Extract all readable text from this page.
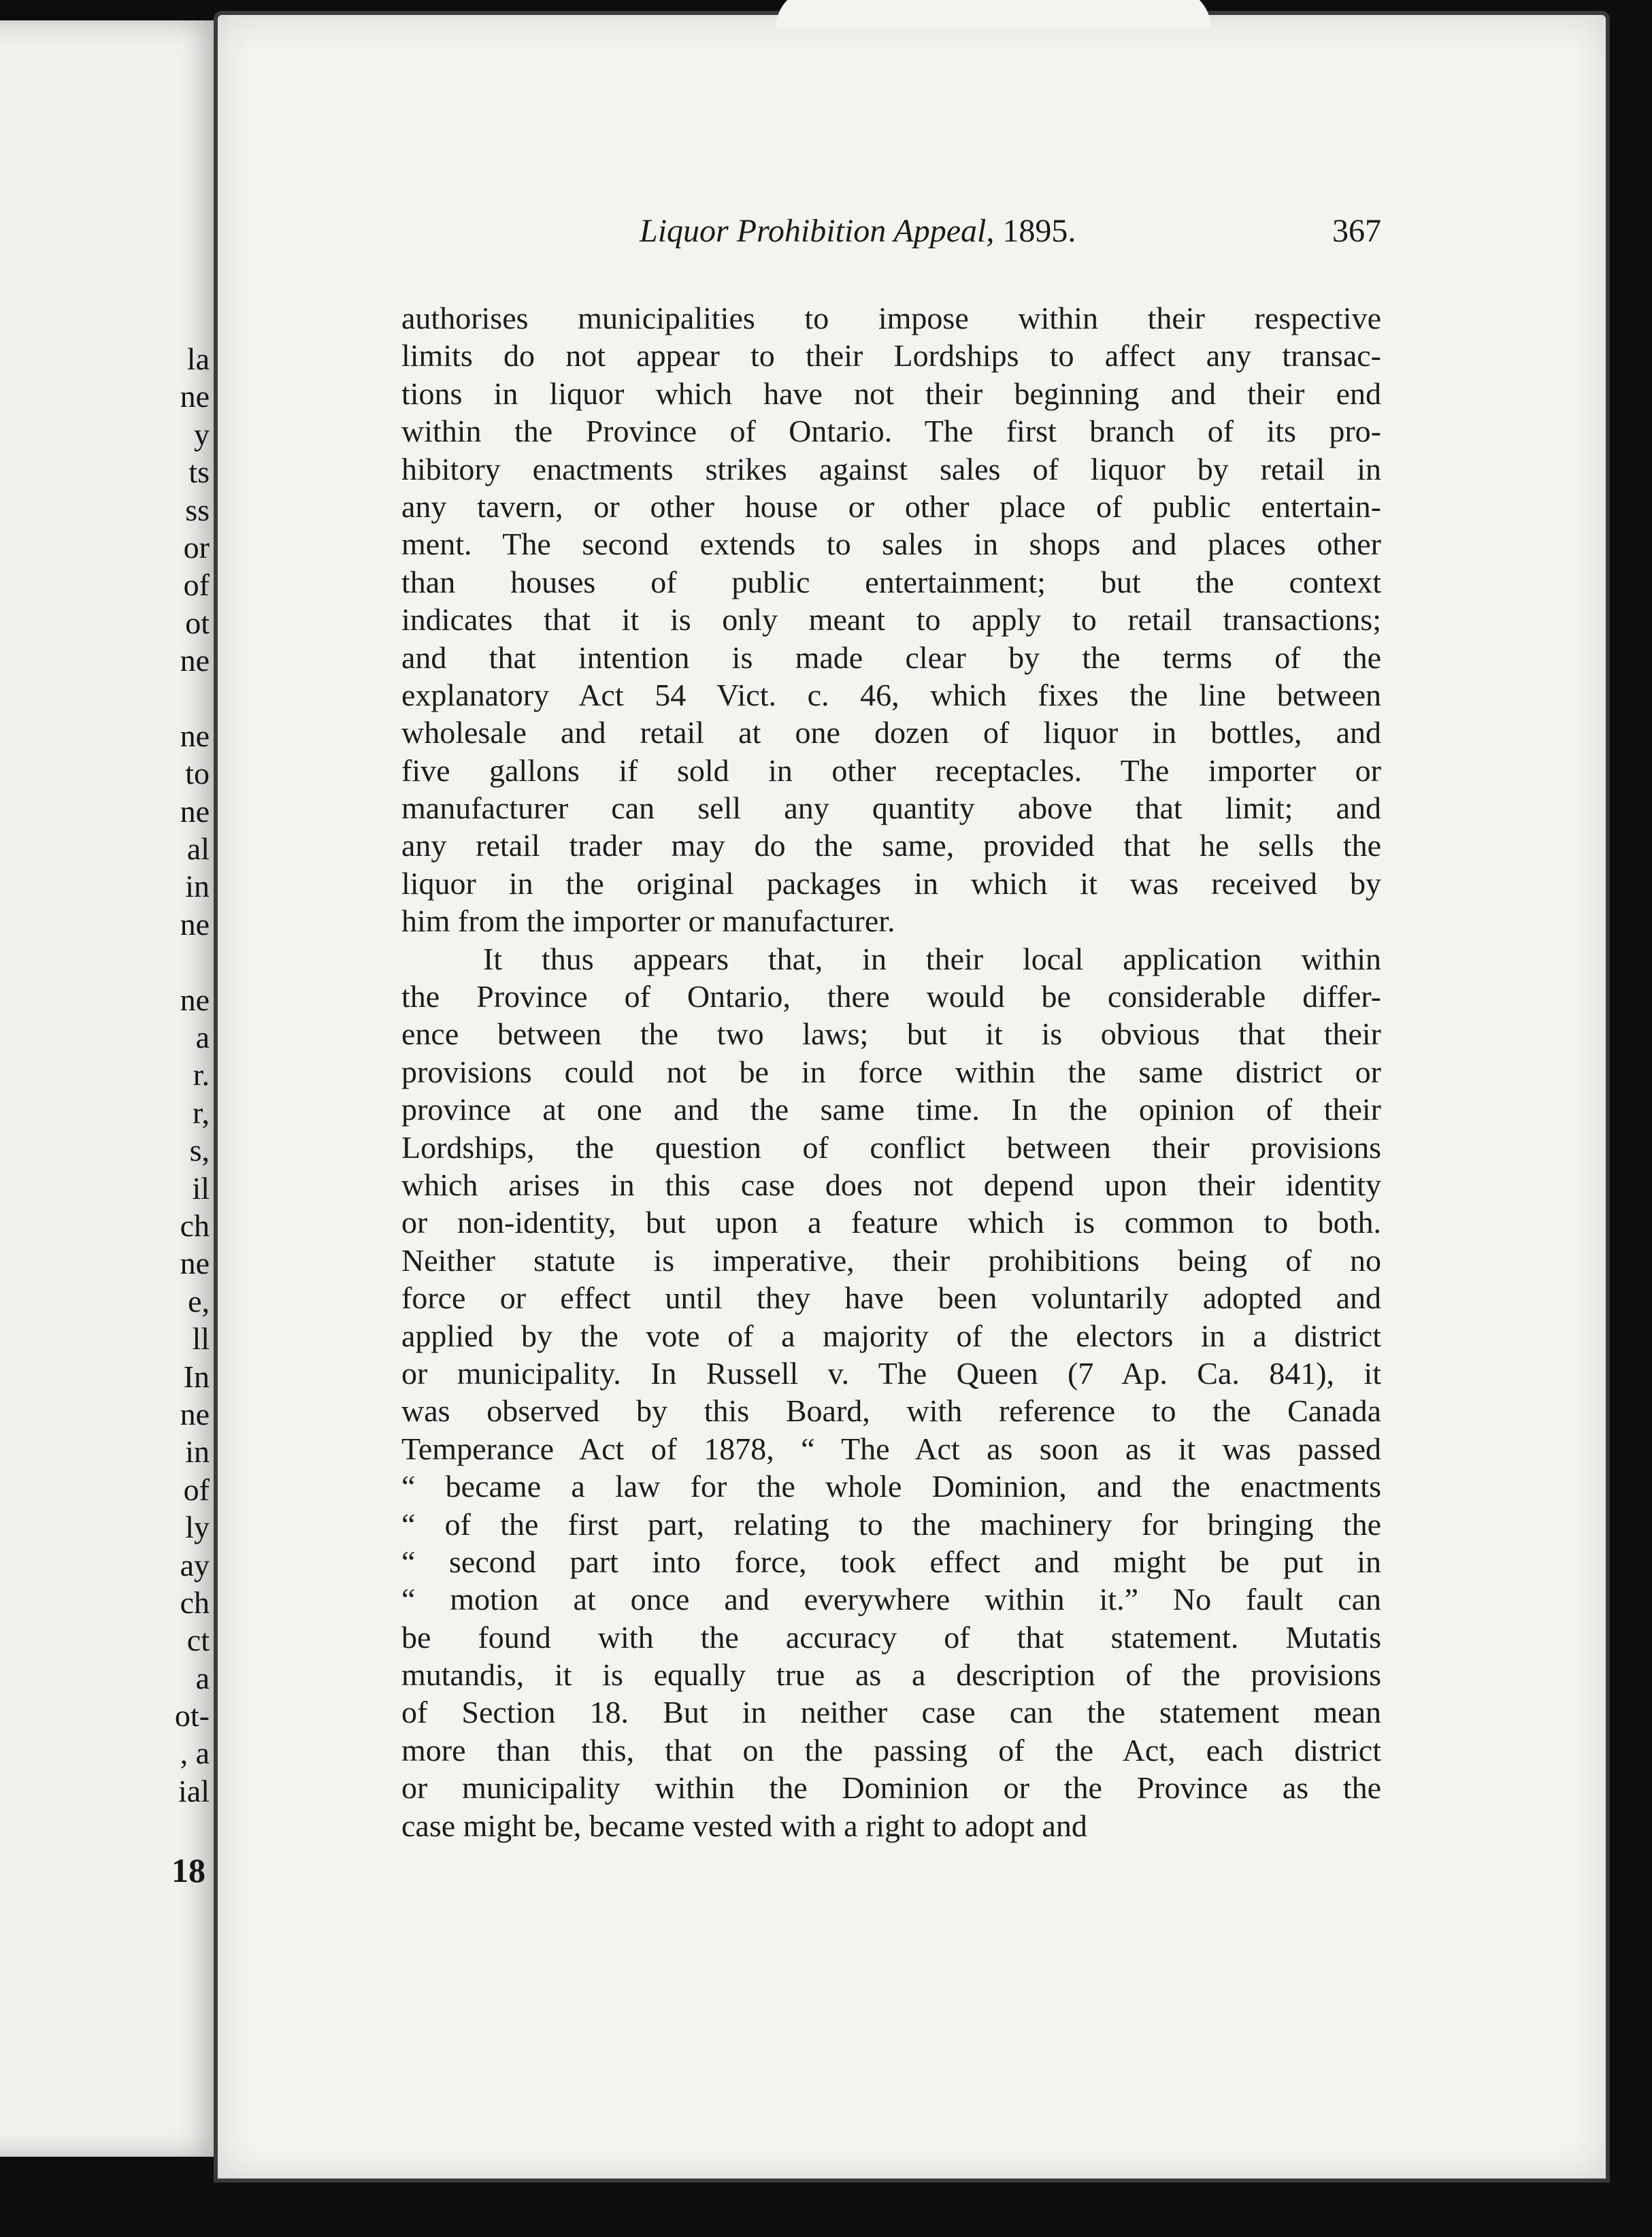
la
ne
y
ts
ss
or
of
ot
ne
ne
to
ne
al
in
ne
ne
a
r.
r,
s,
il
ch
ne
e,
ll
In
ne
in
of
ly
ay
ch
ct
a
ot-
, a
ial
18
Liquor Prohibition Appeal, 1895.	367
authorises municipalities to impose within their respective
limits do not appear to their Lordships to affect any transac-
tions in liquor which have not their beginning and their end
within the Province of Ontario. The first branch of its pro-
hibitory enactments strikes against sales of liquor by retail in
any tavern, or other house or other place of public entertain-
ment. The second extends to sales in shops and places other
than houses of public entertainment; but the context
indicates that it is only meant to apply to retail transactions;
and that intention is made clear by the terms of the
explanatory Act 54 Vict. c. 46, which fixes the line between
wholesale and retail at one dozen of liquor in bottles, and
five gallons if sold in other receptacles. The importer or
manufacturer can sell any quantity above that limit; and
any retail trader may do the same, provided that he sells the
liquor in the original packages in which it was received by
him from the importer or manufacturer.
It thus appears that, in their local application within
the Province of Ontario, there would be considerable differ-
ence between the two laws; but it is obvious that their
provisions could not be in force within the same district or
province at one and the same time. In the opinion of their
Lordships, the question of conflict between their provisions
which arises in this case does not depend upon their identity
or non-identity, but upon a feature which is common to both.
Neither statute is imperative, their prohibitions being of no
force or effect until they have been voluntarily adopted and
applied by the vote of a majority of the electors in a district
or municipality. In Russell v. The Queen (7 Ap. Ca. 841), it
was observed by this Board, with reference to the Canada
Temperance Act of 1878, “ The Act as soon as it was passed
“ became a law for the whole Dominion, and the enactments
“ of the first part, relating to the machinery for bringing the
“ second part into force, took effect and might be put in
“ motion at once and everywhere within it.” No fault can
be found with the accuracy of that statement. Mutatis
mutandis, it is equally true as a description of the provisions
of Section 18. But in neither case can the statement mean
more than this, that on the passing of the Act, each district
or municipality within the Dominion or the Province as the
case might be, became vested with a right to adopt and
